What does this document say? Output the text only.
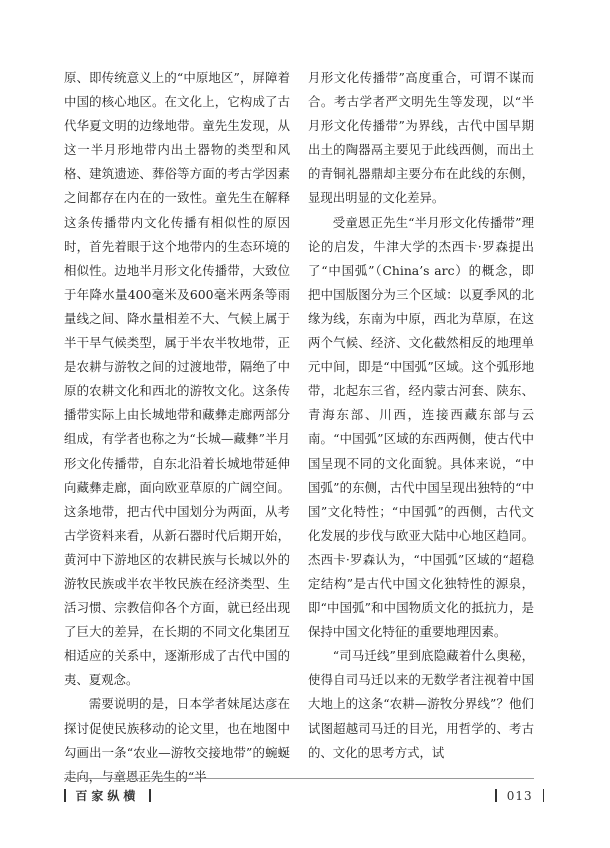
原、即传统意义上的“中原地区”，屏障着中国的核心地区。在文化上，它构成了古代华夏文明的边缘地带。童先生发现，从这一半月形地带内出土器物的类型和风格、建筑遗迹、葬俗等方面的考古学因素之间都存在内在的一致性。童先生在解释这条传播带内文化传播有相似性的原因时，首先着眼于这个地带内的生态环境的相似性。边地半月形文化传播带，大致位于年降水量400毫米及600毫米两条等雨量线之间、降水量相差不大、气候上属于半干旱气候类型，属于半农半牧地带，正是农耕与游牧之间的过渡地带，隔绝了中原的农耕文化和西北的游牧文化。这条传播带实际上由长城地带和藏彝走廊两部分组成，有学者也称之为“长城—藏彝”半月形文化传播带，自东北沿着长城地带延伸向藏彝走廊，面向欧亚草原的广阔空间。这条地带，把古代中国划分为两面，从考古学资料来看，从新石器时代后期开始，黄河中下游地区的农耕民族与长城以外的游牧民族或半农半牧民族在经济类型、生活习惯、宗教信仰各个方面，就已经出现了巨大的差异，在长期的不同文化集团互相适应的关系中，逐渐形成了古代中国的夷、夏观念。

需要说明的是，日本学者妹尾达彦在探讨促使民族移动的论文里，也在地图中勾画出一条“农业—游牧交接地带”的蜿蜒走向，与童恩正先生的“半

月形文化传播带”高度重合，可谓不谋而合。考古学者严文明先生等发现，以“半月形文化传播带”为界线，古代中国早期出土的陶器鬲主要见于此线西侧，而出土的青铜礼器鼎却主要分布在此线的东侧，显现出明显的文化差异。

受童恩正先生“半月形文化传播带”理论的启发，牛津大学的杰西卡·罗森提出了“中国弧”（China’s arc）的概念，即把中国版图分为三个区域：以夏季风的北缘为线，东南为中原，西北为草原，在这两个气候、经济、文化截然相反的地理单元中间，即是“中国弧”区域。这个弧形地带，北起东三省，经内蒙古河套、陕东、青海东部、川西，连接西藏东部与云南。“中国弧”区域的东西两侧，使古代中国呈现不同的文化面貌。具体来说，“中国弧”的东侧，古代中国呈现出独特的“中国”文化特性；“中国弧”的西侧，古代文化发展的步伐与欧亚大陆中心地区趋同。杰西卡·罗森认为，“中国弧”区域的“超稳定结构”是古代中国文化独特性的源泉，即“中国弧”和中国物质文化的抵抗力，是保持中国文化特征的重要地理因素。

“司马迁线”里到底隐藏着什么奥秘，使得自司马迁以来的无数学者注视着中国大地上的这条“农耕—游牧分界线”？他们试图超越司马迁的目光，用哲学的、考古的、文化的思考方式，试

百家纵横	013
